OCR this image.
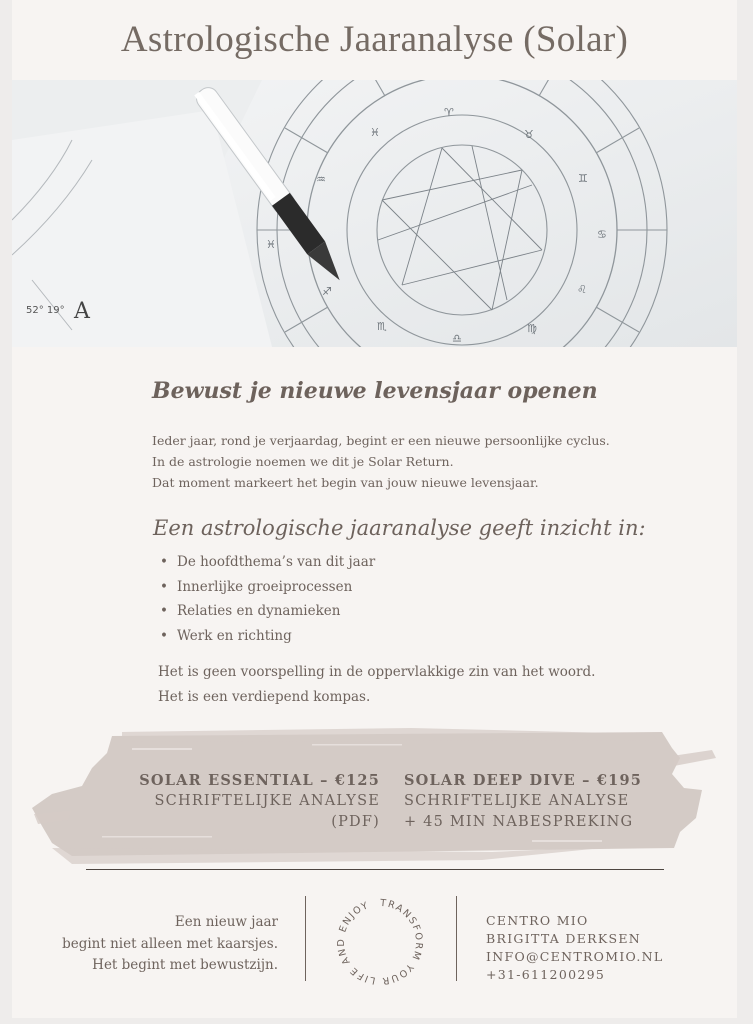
Astrologische Jaaranalyse (Solar)
52° 19° A
♈
♉
♊
♋
♌
♍
♎
♏
♐
♒
♓
♓
Bewust je nieuwe levensjaar openen
Ieder jaar, rond je verjaardag, begint er een nieuwe persoonlijke cyclus.
In de astrologie noemen we dit je Solar Return.
Dat moment markeert het begin van jouw nieuwe levensjaar.
Een astrologische jaaranalyse geeft inzicht in:
• De hoofdthema’s van dit jaar
• Innerlijke groeiprocessen
• Relaties en dynamieken
• Werk en richting
Het is geen voorspelling in de oppervlakkige zin van het woord.
Het is een verdiepend kompas.
Een nieuw jaar
begint niet alleen met kaarsjes.
Het begint met bewustzijn.
TRANSFORM YOUR LIFE AND ENJOY
CENTRO MIO
BRIGITTA DERKSEN
INFO@CENTROMIO.NL
+31-611200295
SOLAR ESSENTIAL – €125
SCHRIFTELIJKE ANALYSE
(PDF)
SOLAR DEEP DIVE – €195
SCHRIFTELIJKE ANALYSE
+ 45 MIN NABESPREKING
